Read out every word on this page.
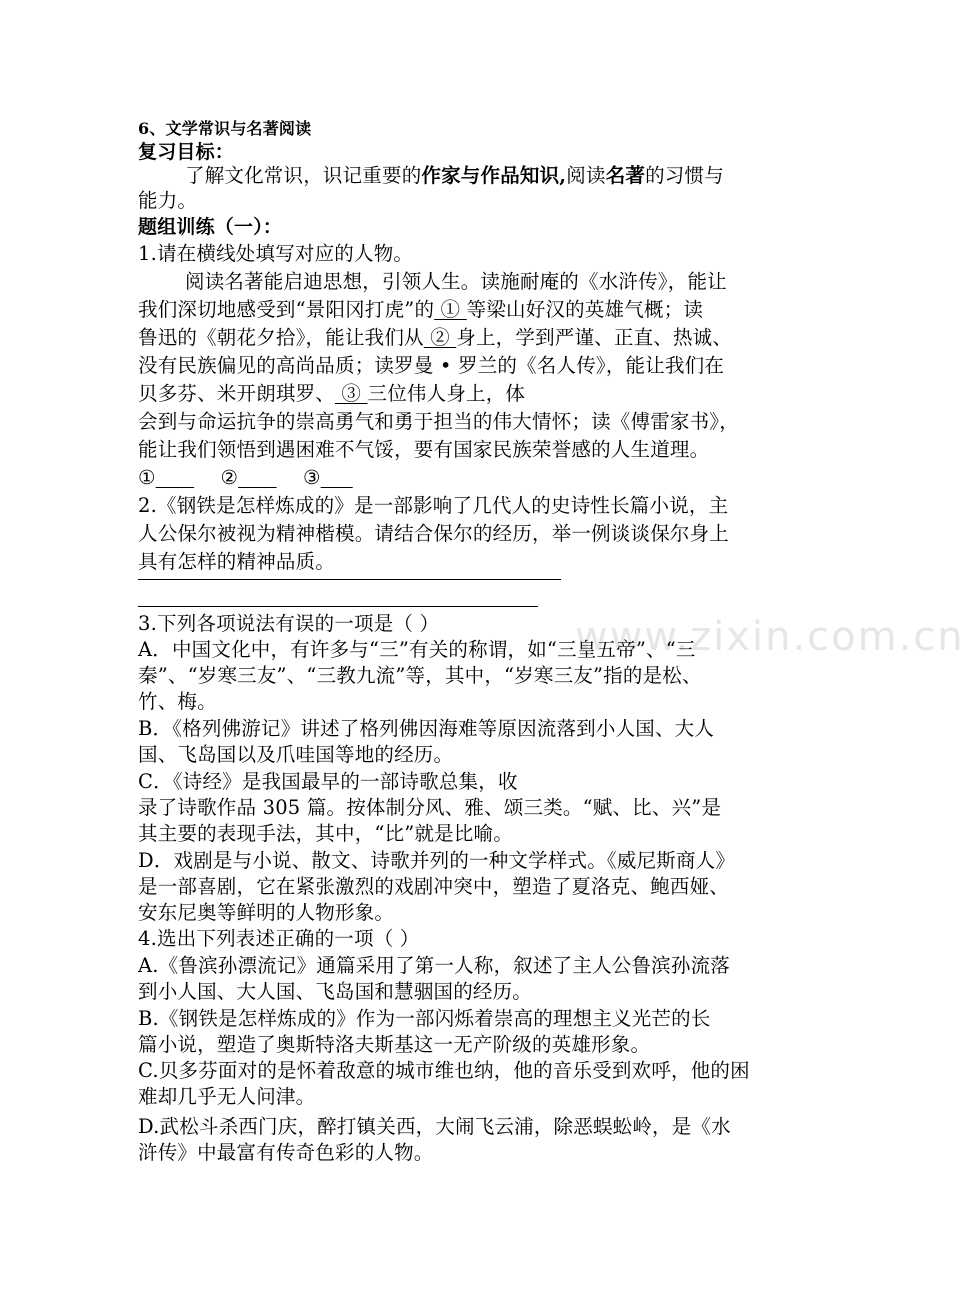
www.zixin.com.cn
6、文学常识与名著阅读
复习目标：
了解文化常识，识记重要的作家与作品知识,阅读名著的习惯与
能力。
题组训练（一）：
1.请在横线处填写对应的人物。
阅读名著能启迪思想，引领人生。读施耐庵的《水浒传》，能让
我们深切地感受到“景阳冈打虎”的 ① 等梁山好汉的英雄气概；读
鲁迅的《朝花夕拾》，能让我们从 ② 身上，学到严谨、正直、热诚、
没有民族偏见的高尚品质；读罗曼 • 罗兰的《名人传》，能让我们在
贝多芬、米开朗琪罗、 ③ 三位伟人身上，体
会到与命运抗争的崇高勇气和勇于担当的伟大情怀；读《傅雷家书》，
能让我们领悟到遇困难不气馁，要有国家民族荣誉感的人生道理。
①	②	③
2.《钢铁是怎样炼成的》是一部影响了几代人的史诗性长篇小说，主
人公保尔被视为精神楷模。请结合保尔的经历，举一例谈谈保尔身上
具有怎样的精神品质。
3.下列各项说法有误的一项是（ ）
A．中国文化中，有许多与“三”有关的称谓，如“三皇五帝”、“三
秦”、“岁寒三友”、“三教九流”等，其中，“岁寒三友”指的是松、
竹、梅。
B．《格列佛游记》讲述了格列佛因海难等原因流落到小人国、大人
国、飞岛国以及爪哇国等地的经历。
C．《诗经》是我国最早的一部诗歌总集，收
录了诗歌作品 305 篇。按体制分风、雅、颂三类。“赋、比、兴”是
其主要的表现手法，其中，“比”就是比喻。
D．戏剧是与小说、散文、诗歌并列的一种文学样式。《威尼斯商人》
是一部喜剧，它在紧张激烈的戏剧冲突中，塑造了夏洛克、鲍西娅、
安东尼奥等鲜明的人物形象。
4.选出下列表述正确的一项（ ）
A.《鲁滨孙漂流记》通篇采用了第一人称，叙述了主人公鲁滨孙流落
到小人国、大人国、飞岛国和慧骃国的经历。
B.《钢铁是怎样炼成的》作为一部闪烁着崇高的理想主义光芒的长
篇小说，塑造了奥斯特洛夫斯基这一无产阶级的英雄形象。
C.贝多芬面对的是怀着敌意的城市维也纳，他的音乐受到欢呼，他的困
难却几乎无人问津。
D.武松斗杀西门庆，醉打镇关西，大闹飞云浦，除恶蜈蚣岭，是《水
浒传》中最富有传奇色彩的人物。
